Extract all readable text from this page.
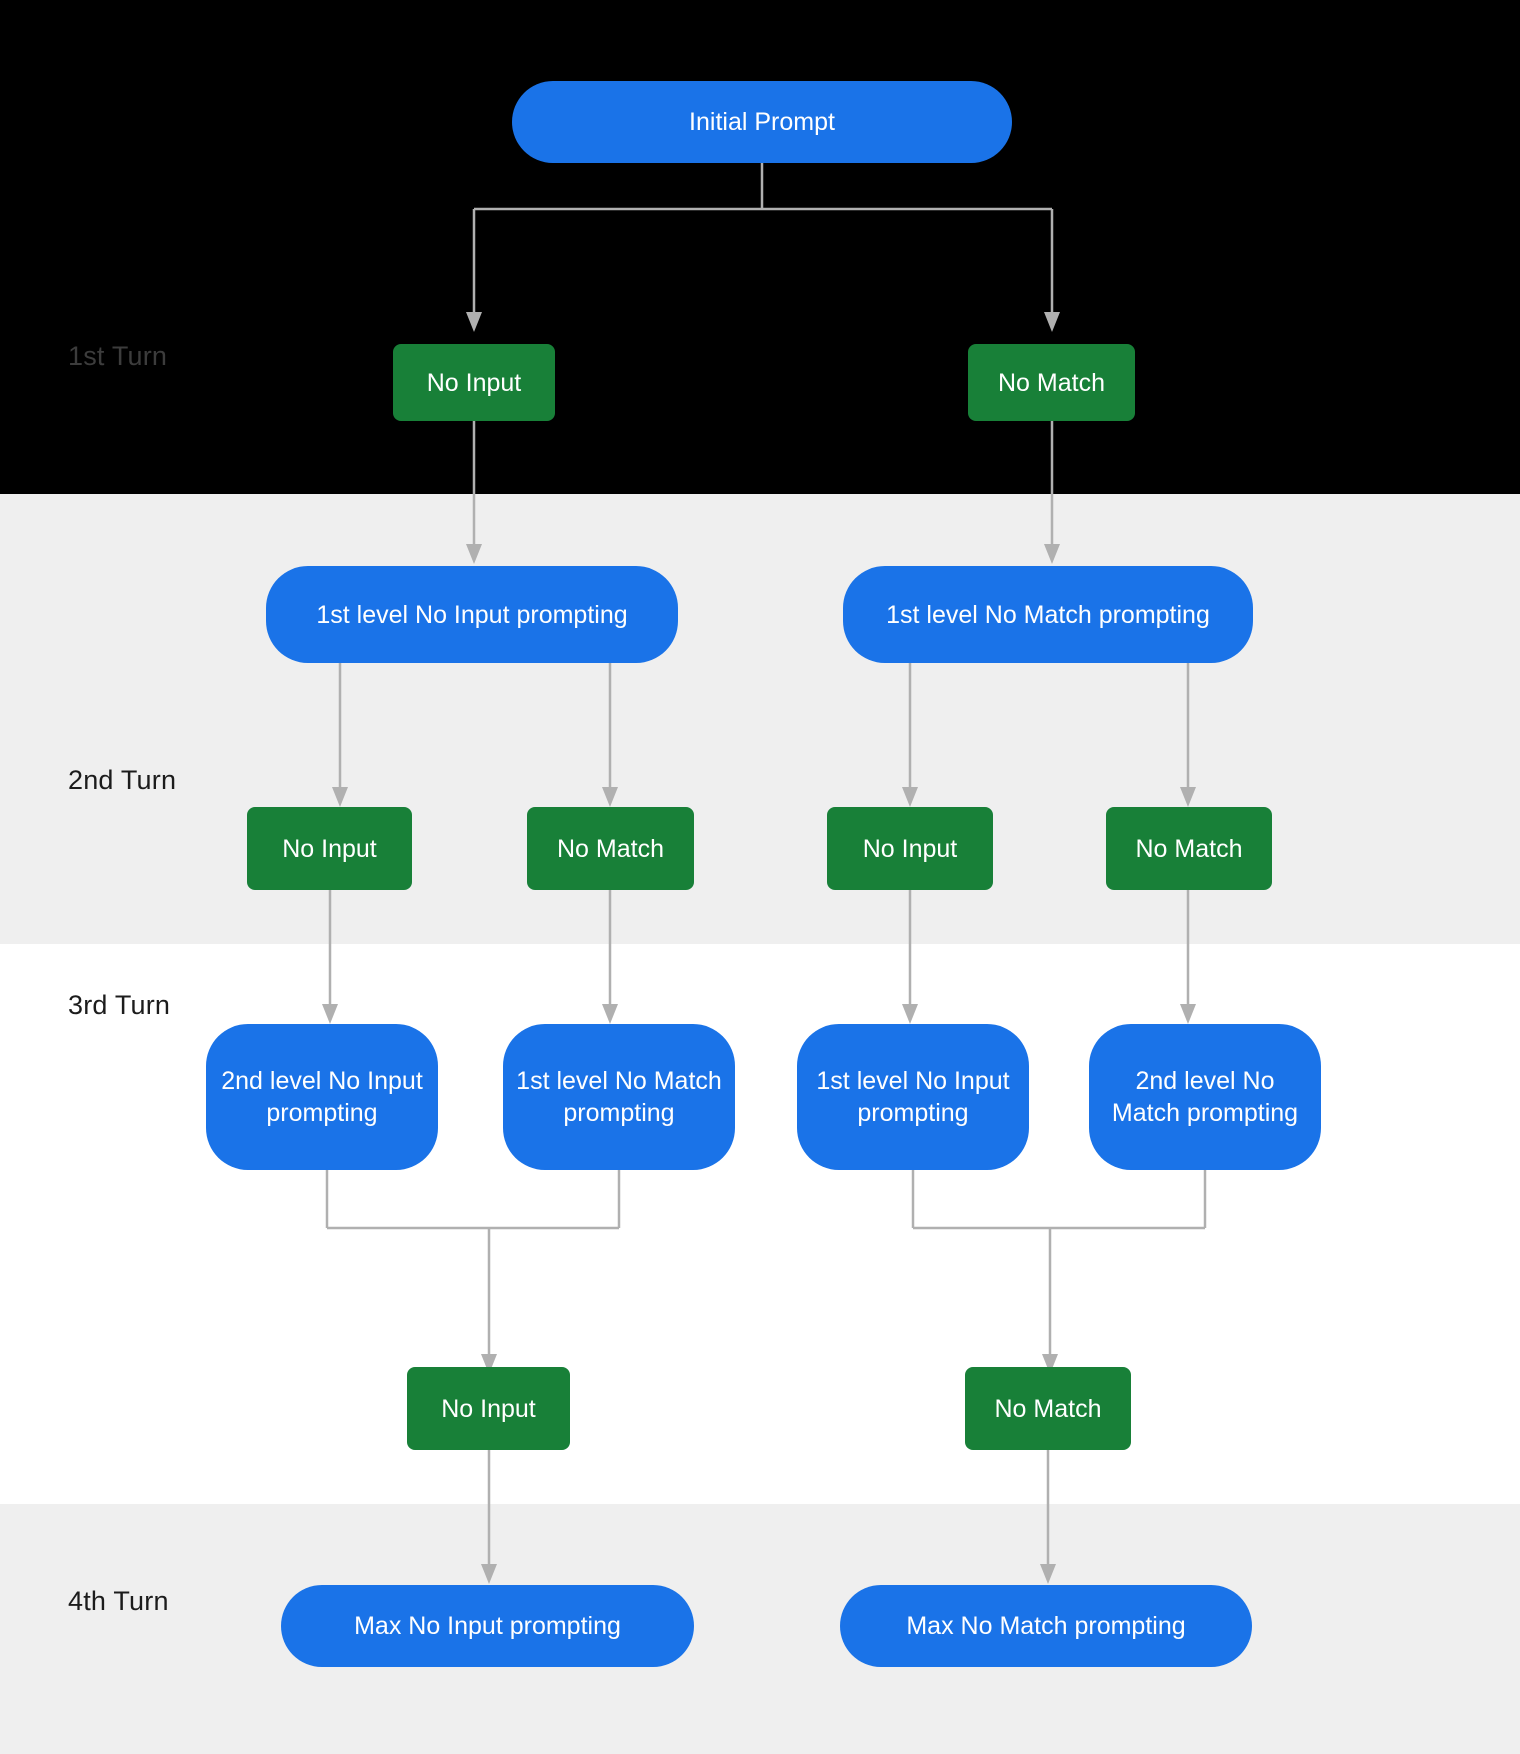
1st Turn
2nd Turn
3rd Turn
4th Turn
Initial Prompt
No Input	No Match
1st level No Input prompting	1st level No Match prompting
No Input	No Match	No Input	No Match
2nd level No Input prompting
1st level No Match prompting
1st level No Input prompting
2nd level No Match prompting
No Input	No Match
Max No Input prompting	Max No Match prompting
